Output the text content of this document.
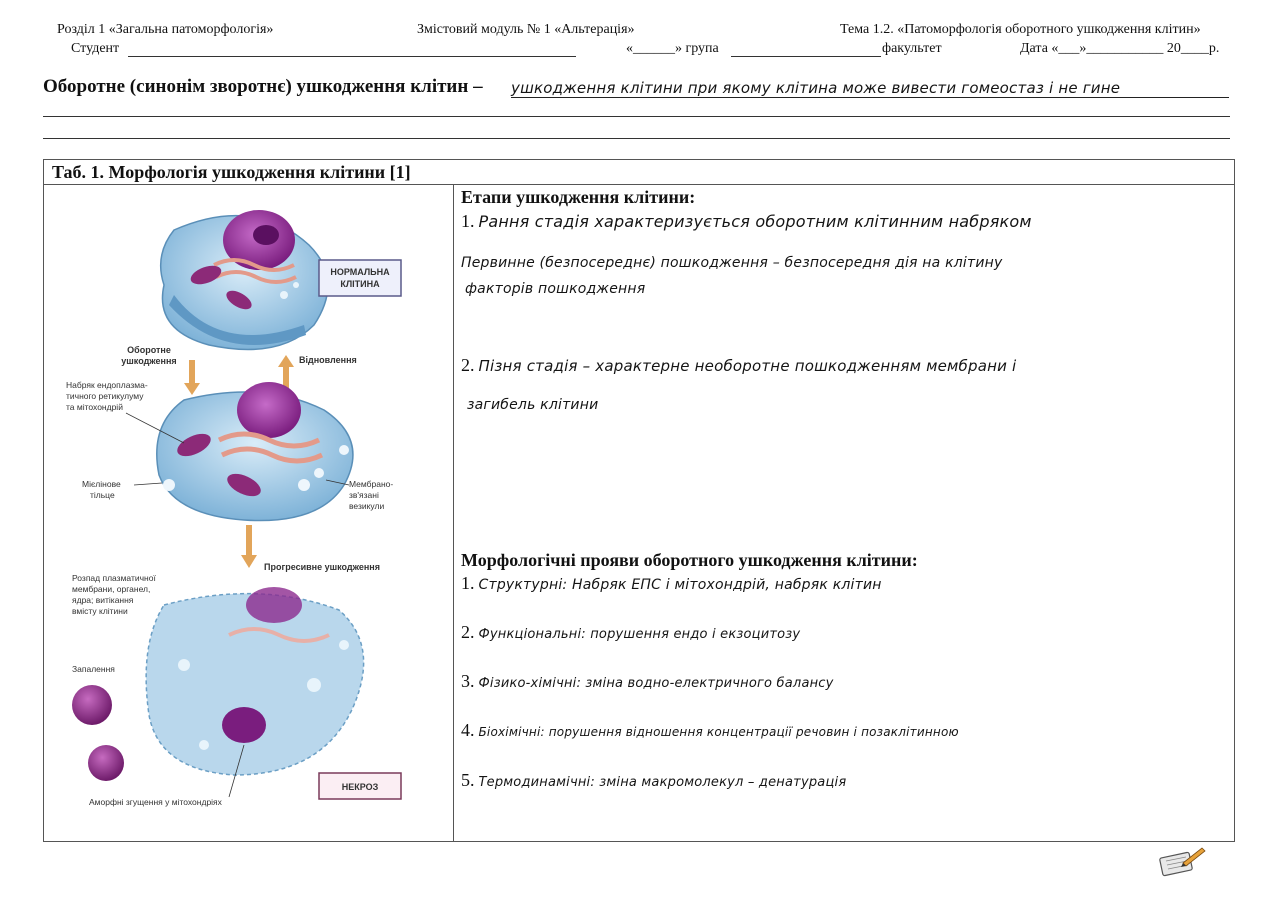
Розділ 1 «Загальна патоморфологія»	Змістовий модуль № 1 «Альтерація»	Тема 1.2. «Патоморфологія оборотного ушкодження клітин»
Студент	«______» група	факультет	Дата «___»___________ 20____р.
Оборотне (синонім зворотнє) ушкодження клітин – ушкодження клітини при якому клітина може вивести гомеостаз і не гине
Таб. 1. Морфологія ушкодження клітини [1]
НОРМАЛЬНА
КЛІТИНА
Оборотне
ушкодження	Відновлення
Набряк ендоплазма-
тичного ретикулуму
та мітохондрій
Мієлінове
тільце
Мембрано-
зв'язані
везикули
Прогресивне ушкодження
Розпад плазматичної
мембрани, органел,
ядра; витікання
вмісту клітини
Запалення
НЕКРОЗ
Аморфні згущення у мітохондріях
Етапи ушкодження клітини:
1. Рання стадія характеризується оборотним клітинним набряком
Первинне (безпосереднє) пошкодження – безпосередня дія на клітину
факторів пошкодження
2. Пізня стадія – характерне необоротне пошкодженням мембрани і
загибель клітини
Морфологічні прояви оборотного ушкодження клітини:
1. Структурні: Набряк ЕПС і мітохондрій, набряк клітин
2. Функціональні: порушення ендо і екзоцитозу
3. Фізико-хімічні: зміна водно-електричного балансу
4. Біохімічні: порушення відношення концентрації речовин і позаклітинною
5. Термодинамічні: зміна макромолекул – денатурація
